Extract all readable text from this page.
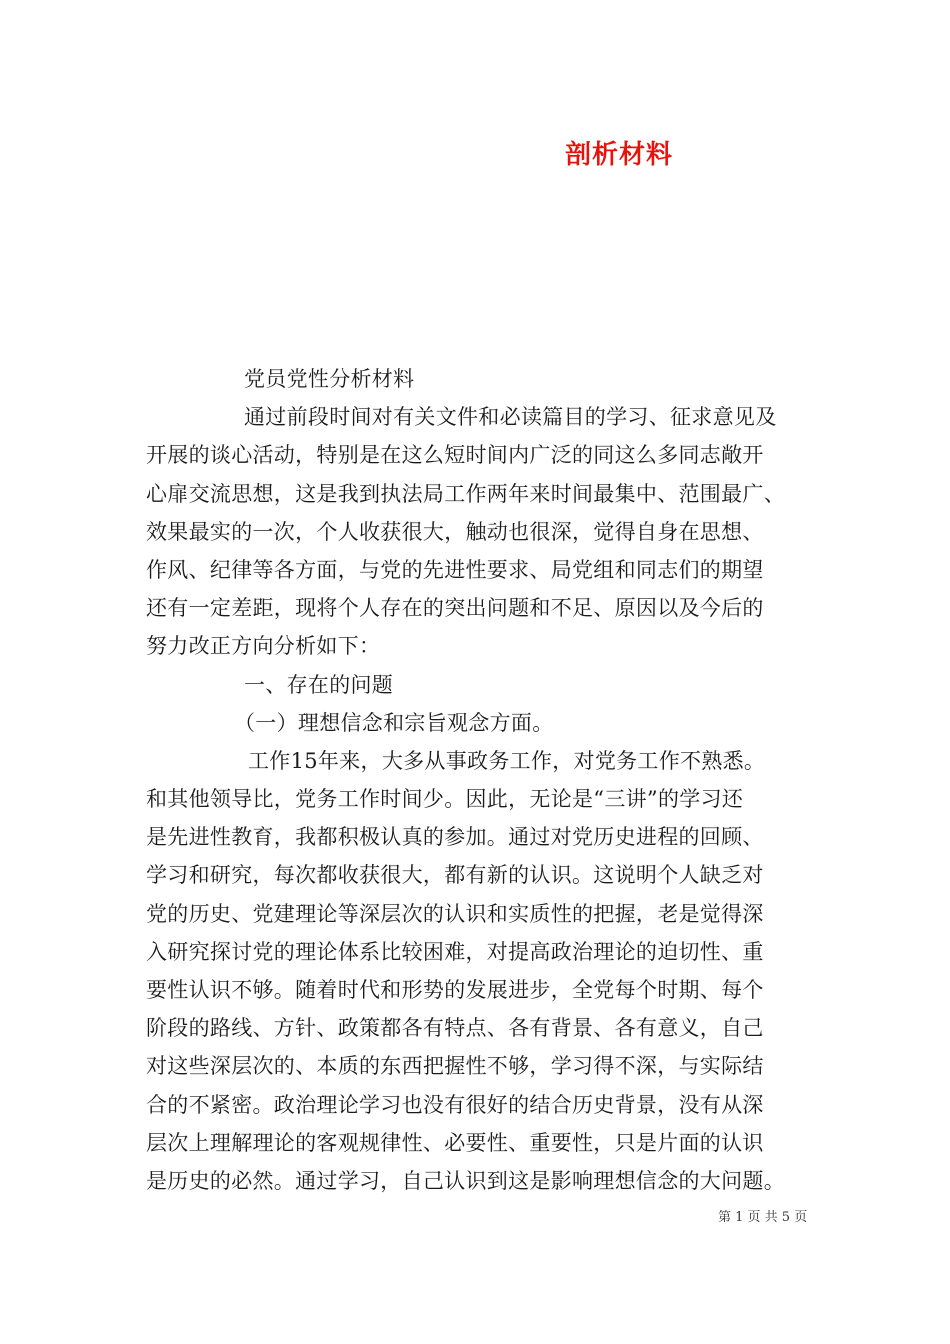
剖析材料
党员党性分析材料
通过前段时间对有关文件和必读篇目的学习、征求意见及
开展的谈心活动，特别是在这么短时间内广泛的同这么多同志敞开
心扉交流思想，这是我到执法局工作两年来时间最集中、范围最广、
效果最实的一次，个人收获很大，触动也很深，觉得自身在思想、
作风、纪律等各方面，与党的先进性要求、局党组和同志们的期望
还有一定差距，现将个人存在的突出问题和不足、原因以及今后的
努力改正方向分析如下：
一、存在的问题
（一）理想信念和宗旨观念方面。
工作15年来，大多从事政务工作，对党务工作不熟悉。
和其他领导比，党务工作时间少。因此，无论是“三讲”的学习还
是先进性教育，我都积极认真的参加。通过对党历史进程的回顾、
学习和研究，每次都收获很大，都有新的认识。这说明个人缺乏对
党的历史、党建理论等深层次的认识和实质性的把握，老是觉得深
入研究探讨党的理论体系比较困难，对提高政治理论的迫切性、重
要性认识不够。随着时代和形势的发展进步，全党每个时期、每个
阶段的路线、方针、政策都各有特点、各有背景、各有意义，自己
对这些深层次的、本质的东西把握性不够，学习得不深，与实际结
合的不紧密。政治理论学习也没有很好的结合历史背景，没有从深
层次上理解理论的客观规律性、必要性、重要性，只是片面的认识
是历史的必然。通过学习，自己认识到这是影响理想信念的大问题。
第 1 页 共 5 页
